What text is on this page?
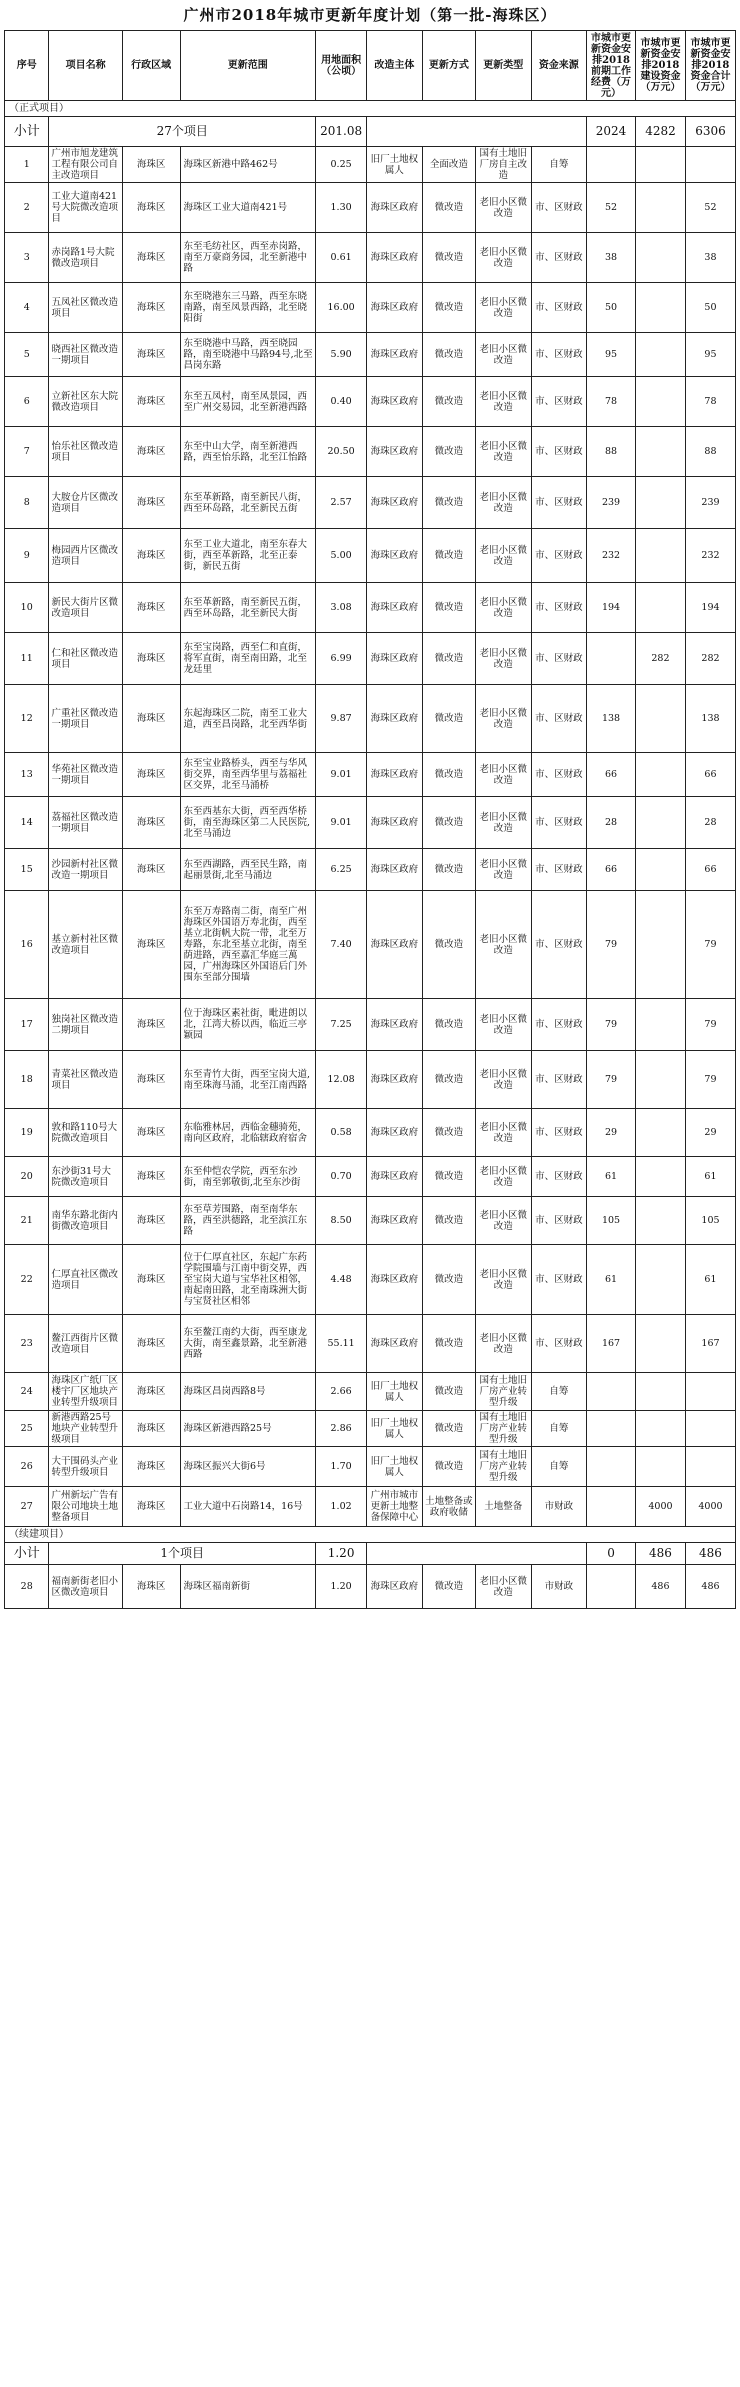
广州市2018年城市更新年度计划（第一批-海珠区）
序号	项目名称	行政区域	更新范围	用地面积（公顷）	改造主体	更新方式	更新类型	资金来源	市城市更新资金安排2018前期工作经费（万元）	市城市更新资金安排2018建设资金（万元）	市城市更新资金安排2018资金合计（万元）
（正式项目）											
小计	27个项目			201.08					2024	4282	6306
1	广州市旭龙建筑工程有限公司自主改造项目	海珠区	海珠区新港中路462号	0.25	旧厂土地权属人	全面改造	国有土地旧厂房自主改造	自筹			
2	工业大道南421号大院微改造项目	海珠区	海珠区工业大道南421号	1.30	海珠区政府	微改造	老旧小区微改造	市、区财政	52		52
3	赤岗路1号大院微改造项目	海珠区	东至毛纺社区，西至赤岗路，南至万豪商务园，北至新港中路	0.61	海珠区政府	微改造	老旧小区微改造	市、区财政	38		38
4	五凤社区微改造项目	海珠区	东至晓港东三马路，西至东晓南路，南至凤景西路，北至晓阳街	16.00	海珠区政府	微改造	老旧小区微改造	市、区财政	50		50
5	晓西社区微改造一期项目	海珠区	东至晓港中马路，西至晓园路，南至晓港中马路94号,北至昌岗东路	5.90	海珠区政府	微改造	老旧小区微改造	市、区财政	95		95
6	立新社区东大院微改造项目	海珠区	东至五凤村，南至凤景园，西至广州交易园，北至新港西路	0.40	海珠区政府	微改造	老旧小区微改造	市、区财政	78		78
7	怡乐社区微改造项目	海珠区	东至中山大学，南至新港西路，西至怡乐路，北至江怡路	20.50	海珠区政府	微改造	老旧小区微改造	市、区财政	88		88
8	大胺仓片区微改造项目	海珠区	东至革新路，南至新民八街，西至环岛路，北至新民五街	2.57	海珠区政府	微改造	老旧小区微改造	市、区财政	239		239
9	梅园西片区微改造项目	海珠区	东至工业大道北，南至东春大街，西至革新路，北至正泰街，新民五街	5.00	海珠区政府	微改造	老旧小区微改造	市、区财政	232		232
10	新民大街片区微改造项目	海珠区	东至革新路，南至新民五街，西至环岛路，北至新民大街	3.08	海珠区政府	微改造	老旧小区微改造	市、区财政	194		194
11	仁和社区微改造项目	海珠区	东至宝岗路，西至仁和直街，将军直街，南至南田路，北至龙廷里	6.99	海珠区政府	微改造	老旧小区微改造	市、区财政		282	282
12	广重社区微改造一期项目	海珠区	东起海珠区二院，南至工业大道，西至昌岗路，北至西华街	9.87	海珠区政府	微改造	老旧小区微改造	市、区财政	138		138
13	华苑社区微改造一期项目	海珠区	东至宝业路桥头，西至与华风街交界，南至西华里与荔福社区交界，北至马涌桥	9.01	海珠区政府	微改造	老旧小区微改造	市、区财政	66		66
14	荔福社区微改造一期项目	海珠区	东至西基东大街，西至西华桥街，南至海珠区第二人民医院,北至马涌边	9.01	海珠区政府	微改造	老旧小区微改造	市、区财政	28		28
15	沙园新村社区微改造一期项目	海珠区	东至西湖路，西至民生路，南起丽景街,北至马涌边	6.25	海珠区政府	微改造	老旧小区微改造	市、区财政	66		66
16	基立新村社区微改造项目	海珠区	东至万寿路南二街，南至广州海珠区外国语万寿北街，西至基立北街帆大院一带，北至万寿路，东北至基立北街，南至荫进路，西至嘉汇华庭三萬园，广州海珠区外国语后门外围东至部分围墙	7.40	海珠区政府	微改造	老旧小区微改造	市、区财政	79		79
17	独岗社区微改造二期项目	海珠区	位于海珠区素社街，毗进朗以北，江湾大桥以西，临近三亭颖园	7.25	海珠区政府	微改造	老旧小区微改造	市、区财政	79		79
18	青菜社区微改造项目	海珠区	东至青竹大街，西至宝岗大道,南至珠海马涌，北至江南西路	12.08	海珠区政府	微改造	老旧小区微改造	市、区财政	79		79
19	敦和路110号大院微改造项目	海珠区	东临雅林居，西临金穗骑苑，南向区政府，北临辖政府宿舍	0.58	海珠区政府	微改造	老旧小区微改造	市、区财政	29		29
20	东沙街31号大院微改造项目	海珠区	东至仲恺农学院，西至东沙街，南至郭敬街,北至东沙街	0.70	海珠区政府	微改造	老旧小区微改造	市、区财政	61		61
21	南华东路北街内街微改造项目	海珠区	东至草芳围路，南至南华东路，西至洪德路，北至滨江东路	8.50	海珠区政府	微改造	老旧小区微改造	市、区财政	105		105
22	仁厚直社区微改造项目	海珠区	位于仁厚直社区，东起广东药学院围墙与江南中街交界，西至宝岗大道与宝华社区相邻，南起南田路，北至南珠洲大街与宝贤社区相邻	4.48	海珠区政府	微改造	老旧小区微改造	市、区财政	61		61
23	鳌江西街片区微改造项目	海珠区	东至鳌江南约大街，西至康龙大街，南至鑫景路，北至新港西路	55.11	海珠区政府	微改造	老旧小区微改造	市、区财政	167		167
24	海珠区广纸厂区楼宇厂区地块产业转型升级项目	海珠区	海珠区昌岗西路8号	2.66	旧厂土地权属人	微改造	国有土地旧厂房产业转型升级	自筹			
25	新港西路25号地块产业转型升级项目	海珠区	海珠区新港西路25号	2.86	旧厂土地权属人	微改造	国有土地旧厂房产业转型升级	自筹			
26	大干围码头产业转型升级项目	海珠区	海珠区振兴大街6号	1.70	旧厂土地权属人	微改造	国有土地旧厂房产业转型升级	自筹			
27	广州新坛广告有限公司地块土地整备项目	海珠区	工业大道中石岗路14，16号	1.02	广州市城市更新土地整备保障中心	土地整备或政府收储	土地整备	市财政		4000	4000
（续建项目）											
小计	1个项目			1.20					0	486	486
28	福南新街老旧小区微改造项目	海珠区	海珠区福南新街	1.20	海珠区政府	微改造	老旧小区微改造	市财政		486	486
